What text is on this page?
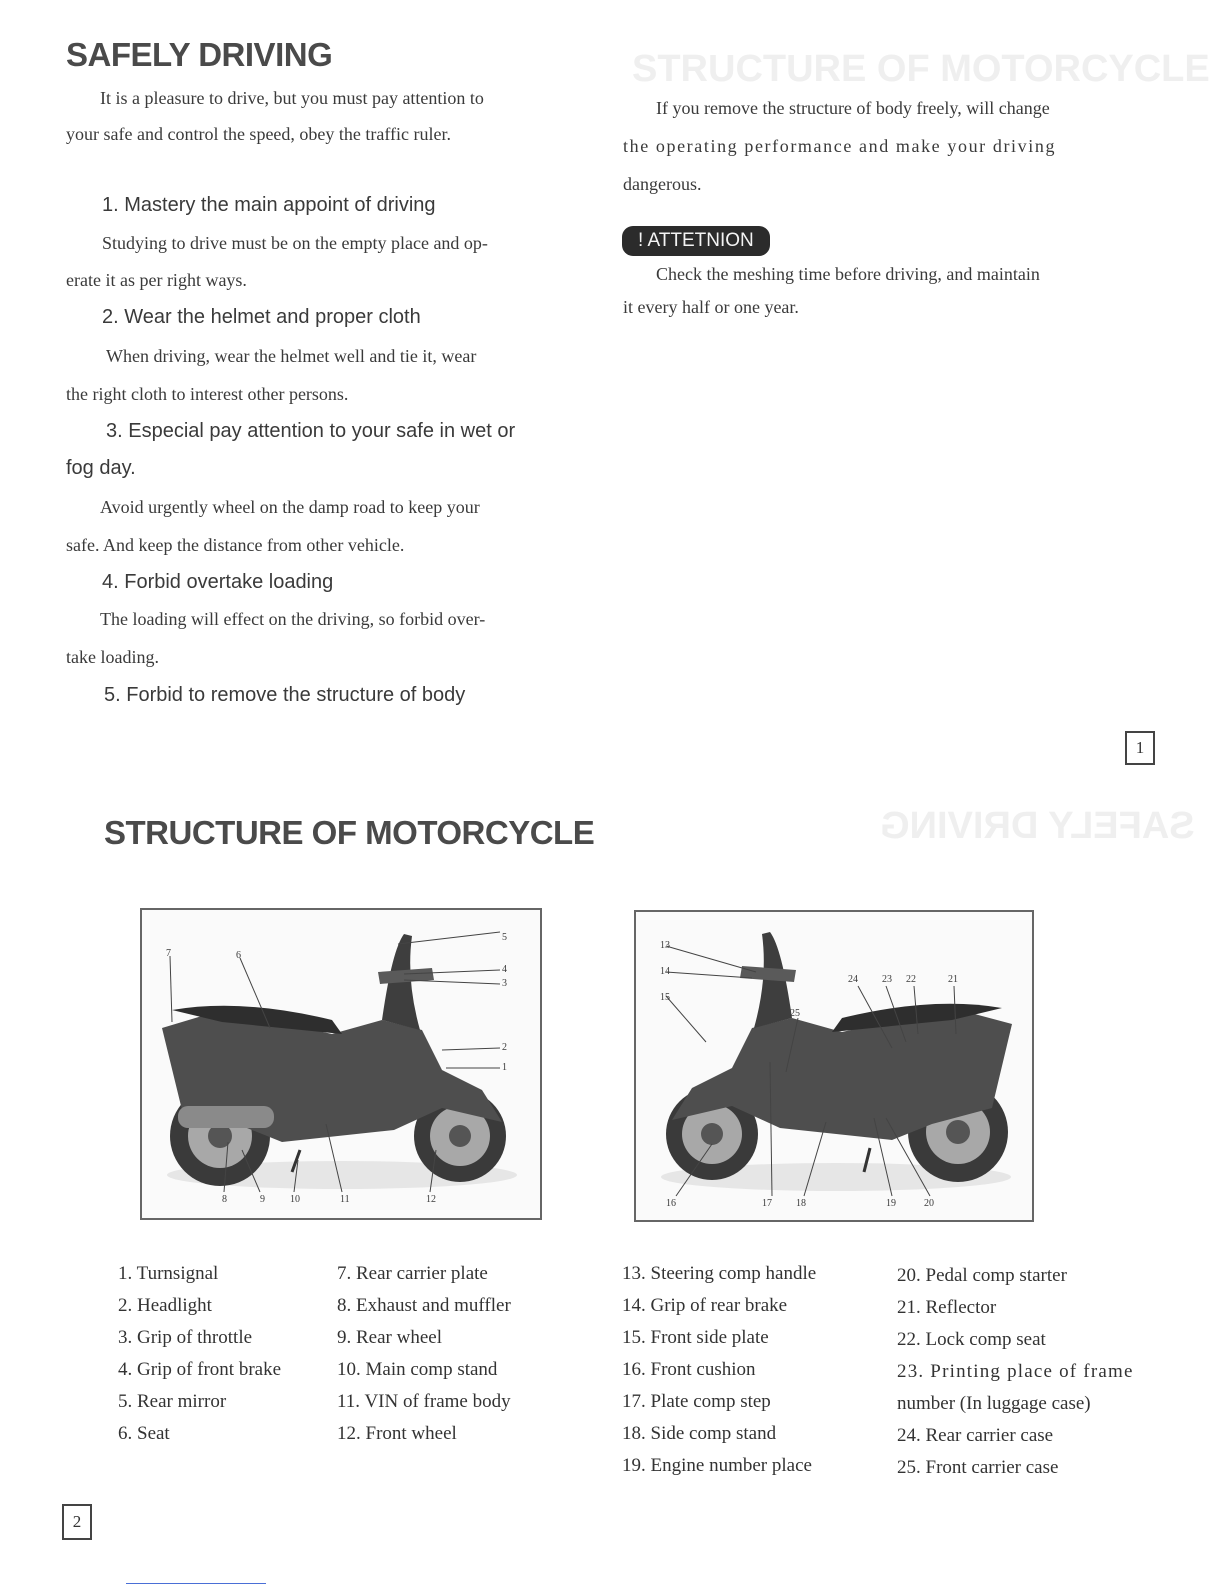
STRUCTURE OF MOTORCYCLE
SAFELY DRIVING
SAFELY DRIVING
It is a pleasure to drive, but you must pay attention to
your safe and control the speed, obey the traffic ruler.
1. Mastery the main appoint of driving
Studying to drive must be on the empty place and op-
erate it as per right ways.
2. Wear the helmet and proper cloth
When driving, wear the helmet well and tie it, wear
the right cloth to interest other persons.
3. Especial pay attention to your safe in wet or
fog day.
Avoid urgently wheel on the damp road to keep your
safe. And keep the distance from other vehicle.
4. Forbid overtake loading
The loading will effect on the driving, so forbid over-
take loading.
5. Forbid to remove the structure of body
If you remove the structure of body freely, will change
the operating performance and make your driving
dangerous.
! ATTETNION
Check the meshing time before driving, and maintain
it every half or one year.
1
STRUCTURE OF MOTORCYCLE
7	6
5
4
3
2
1
8	9	10	11	12
13
14
15
25
24 23 22	21
16	17 18	19	20
1. Turnsignal
2. Headlight
3. Grip of throttle
4. Grip of front brake
5. Rear mirror
6. Seat
7. Rear carrier plate
8. Exhaust and muffler
9. Rear wheel
10. Main comp stand
11. VIN of frame body
12. Front wheel
13. Steering comp handle
14. Grip of rear brake
15. Front side plate
16. Front cushion
17. Plate comp step
18. Side comp stand
19. Engine number place
20. Pedal comp starter
21. Reflector
22. Lock comp seat
23. Printing place of frame
number (In luggage case)
24. Rear carrier case
25. Front carrier case
2
